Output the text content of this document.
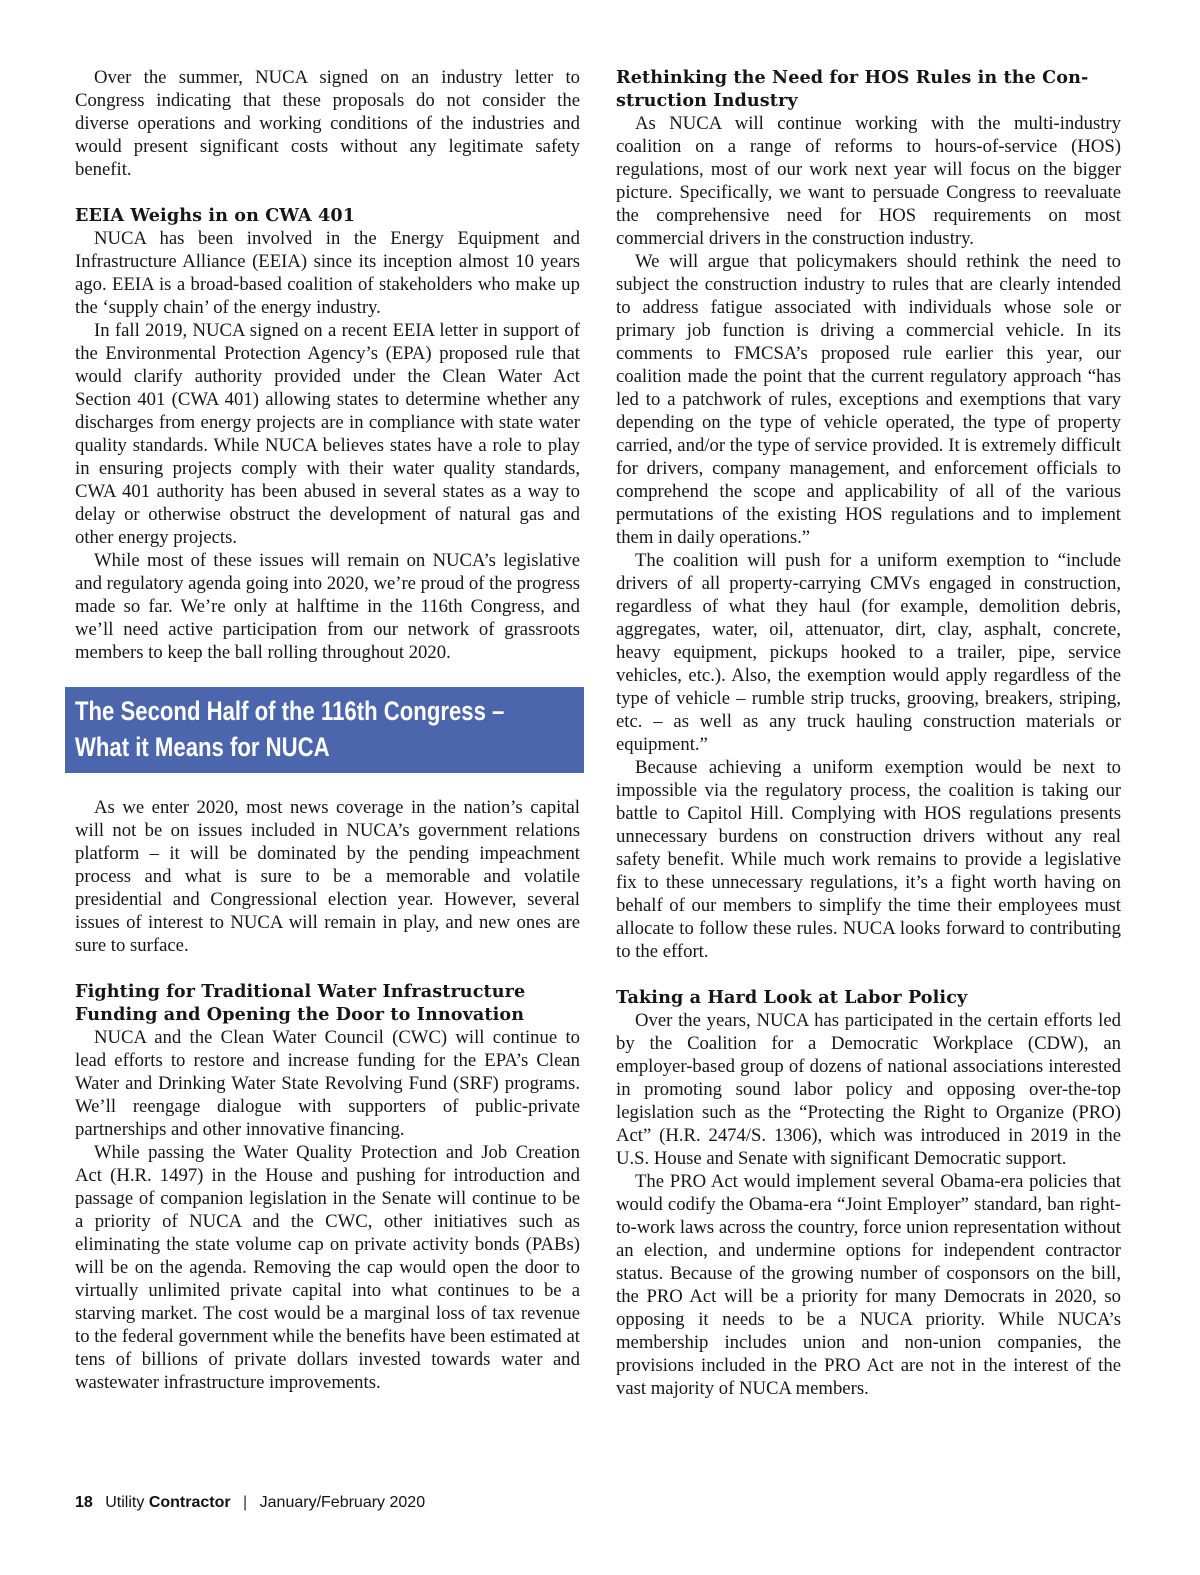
Over the summer, NUCA signed on an industry letter to Congress indicating that these proposals do not consider the diverse operations and working conditions of the industries and would present significant costs without any legitimate safety benefit.

EEIA Weighs in on CWA 401

NUCA has been involved in the Energy Equipment and Infrastructure Alliance (EEIA) since its inception almost 10 years ago. EEIA is a broad-based coalition of stakeholders who make up the ‘supply chain’ of the energy industry.

In fall 2019, NUCA signed on a recent EEIA letter in support of the Environmental Protection Agency’s (EPA) proposed rule that would clarify authority provided under the Clean Water Act Section 401 (CWA 401) allowing states to determine whether any discharges from energy projects are in compliance with state water quality standards. While NUCA believes states have a role to play in ensuring projects comply with their water quality standards, CWA 401 authority has been abused in several states as a way to delay or otherwise obstruct the development of natural gas and other energy projects.

While most of these issues will remain on NUCA’s legislative and regulatory agenda going into 2020, we’re proud of the progress made so far. We’re only at halftime in the 116th Congress, and we’ll need active participation from our network of grassroots members to keep the ball rolling throughout 2020.

The Second Half of the 116th Congress –
What it Means for NUCA

As we enter 2020, most news coverage in the nation’s capital will not be on issues included in NUCA’s government relations platform – it will be dominated by the pending impeachment process and what is sure to be a memorable and volatile presidential and Congressional election year. However, several issues of interest to NUCA will remain in play, and new ones are sure to surface.

Fighting for Traditional Water Infrastructure
Funding and Opening the Door to Innovation

NUCA and the Clean Water Council (CWC) will continue to lead efforts to restore and increase funding for the EPA’s Clean Water and Drinking Water State Revolving Fund (SRF) programs. We’ll reengage dialogue with supporters of public-private partnerships and other innovative financing.

While passing the Water Quality Protection and Job Creation Act (H.R. 1497) in the House and pushing for introduction and passage of companion legislation in the Senate will continue to be a priority of NUCA and the CWC, other initiatives such as eliminating the state volume cap on private activity bonds (PABs) will be on the agenda. Removing the cap would open the door to virtually unlimited private capital into what continues to be a starving market. The cost would be a marginal loss of tax revenue to the federal government while the benefits have been estimated at tens of billions of private dollars invested towards water and wastewater infrastructure improvements.

Rethinking the Need for HOS Rules in the Con-
struction Industry

As NUCA will continue working with the multi-industry coalition on a range of reforms to hours-of-service (HOS) regulations, most of our work next year will focus on the bigger picture. Specifically, we want to persuade Congress to reevaluate the comprehensive need for HOS requirements on most commercial drivers in the construction industry.

We will argue that policymakers should rethink the need to subject the construction industry to rules that are clearly intended to address fatigue associated with individuals whose sole or primary job function is driving a commercial vehicle. In its comments to FMCSA’s proposed rule earlier this year, our coalition made the point that the current regulatory approach “has led to a patchwork of rules, exceptions and exemptions that vary depending on the type of vehicle operated, the type of property carried, and/or the type of service provided. It is extremely difficult for drivers, company management, and enforcement officials to comprehend the scope and applicability of all of the various permutations of the existing HOS regulations and to implement them in daily operations.”

The coalition will push for a uniform exemption to “include drivers of all property-carrying CMVs engaged in construction, regardless of what they haul (for example, demolition debris, aggregates, water, oil, attenuator, dirt, clay, asphalt, concrete, heavy equipment, pickups hooked to a trailer, pipe, service vehicles, etc.). Also, the exemption would apply regardless of the type of vehicle – rumble strip trucks, grooving, breakers, striping, etc. – as well as any truck hauling construction materials or equipment.”

Because achieving a uniform exemption would be next to impossible via the regulatory process, the coalition is taking our battle to Capitol Hill. Complying with HOS regulations presents unnecessary burdens on construction drivers without any real safety benefit. While much work remains to provide a legislative fix to these unnecessary regulations, it’s a fight worth having on behalf of our members to simplify the time their employees must allocate to follow these rules. NUCA looks forward to contributing to the effort.

Taking a Hard Look at Labor Policy

Over the years, NUCA has participated in the certain efforts led by the Coalition for a Democratic Workplace (CDW), an employer-based group of dozens of national associations interested in promoting sound labor policy and opposing over-the-top legislation such as the “Protecting the Right to Organize (PRO) Act” (H.R. 2474/S. 1306), which was introduced in 2019 in the U.S. House and Senate with significant Democratic support.

The PRO Act would implement several Obama-era policies that would codify the Obama-era “Joint Employer” standard, ban right-to-work laws across the country, force union representation without an election, and undermine options for independent contractor status. Because of the growing number of cosponsors on the bill, the PRO Act will be a priority for many Democrats in 2020, so opposing it needs to be a NUCA priority. While NUCA’s membership includes union and non-union companies, the provisions included in the PRO Act are not in the interest of the vast majority of NUCA members.

18 Utility Contractor | January/February 2020
